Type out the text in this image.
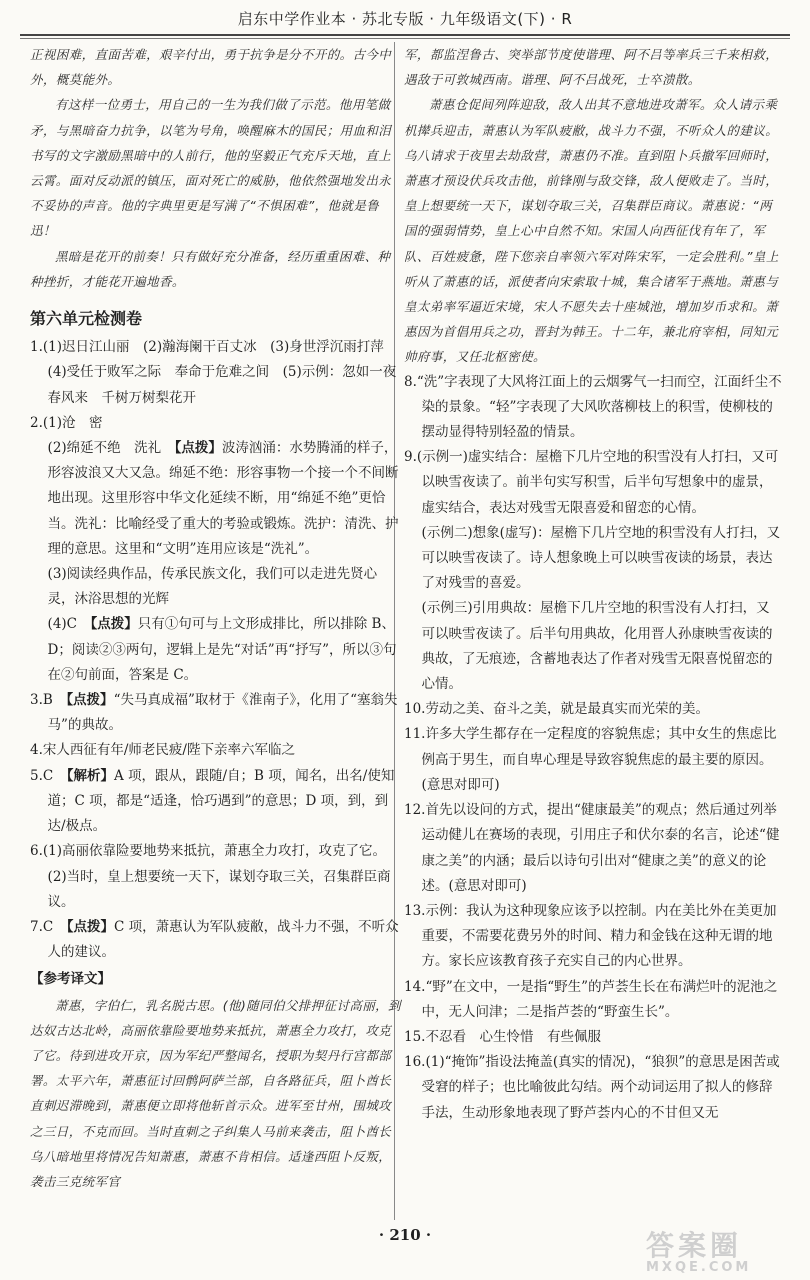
启东中学作业本 · 苏北专版 · 九年级语文(下) · R

正视困难，直面苦难，艰辛付出，勇于抗争是分不开的。古今中外，概莫能外。

有这样一位勇士，用自己的一生为我们做了示范。他用笔做矛，与黑暗奋力抗争，以笔为号角，唤醒麻木的国民；用血和泪书写的文字激励黑暗中的人前行，他的坚毅正气充斥天地，直上云霄。面对反动派的镇压，面对死亡的威胁，他依然强地发出永不妥协的声音。他的字典里更是写满了“不惧困难”，他就是鲁迅！

黑暗是花开的前奏！只有做好充分准备，经历重重困难、种种挫折，才能花开遍地香。

第六单元检测卷

1.(1)迟日江山丽　(2)瀚海阑干百丈冰　(3)身世浮沉雨打萍　(4)受任于败军之际　奉命于危难之间　(5)示例：忽如一夜春风来　千树万树梨花开

2.(1)沧　密

(2)绵延不绝　洗礼　【点拨】波涛汹涌：水势腾涌的样子，形容波浪又大又急。绵延不绝：形容事物一个接一个不间断地出现。这里形容中华文化延续不断，用“绵延不绝”更恰当。洗礼：比喻经受了重大的考验或锻炼。洗护：清洗、护理的意思。这里和“文明”连用应该是“洗礼”。

(3)阅读经典作品，传承民族文化，我们可以走进先贤心灵，沐浴思想的光辉

(4)C　【点拨】只有①句可与上文形成排比，所以排除 B、D；阅读②③两句，逻辑上是先“对话”再“抒写”，所以③句在②句前面，答案是 C。

3.B　【点拨】“失马真成福”取材于《淮南子》，化用了“塞翁失马”的典故。

4.宋人西征有年/师老民疲/陛下亲率六军临之

5.C　【解析】A 项，跟从，跟随/自；B 项，闻名，出名/使知道；C 项，都是“适逢，恰巧遇到”的意思；D 项，到，到达/极点。

6.(1)高丽依靠险要地势来抵抗，萧惠全力攻打，攻克了它。

(2)当时，皇上想要统一天下，谋划夺取三关，召集群臣商议。

7.C　【点拨】C 项，萧惠认为军队疲敝，战斗力不强，不听众人的建议。

【参考译文】

萧惠，字伯仁，乳名脱古思。(他)随同伯父排押征讨高丽，到达奴古达北岭，高丽依靠险要地势来抵抗，萧惠全力攻打，攻克了它。待到进攻开京，因为军纪严整闻名，授职为契丹行宫都部署。太平六年，萧惠征讨回鹘阿萨兰部，自各路征兵，阻卜酋长直刺迟滞晚到，萧惠便立即将他斩首示众。进军至甘州，围城攻之三日，不克而回。当时直刺之子纠集人马前来袭击，阻卜酋长乌八暗地里将情况告知萧惠，萧惠不肯相信。适逢西阻卜反叛，袭击三克统军官

军，都监涅鲁古、突举部节度使谐理、阿不吕等率兵三千来相救，遇敌于可敦城西南。谐理、阿不吕战死，士卒溃散。

萧惠仓促间列阵迎敌，敌人出其不意地进攻萧军。众人请示乘机撵兵迎击，萧惠认为军队疲敝，战斗力不强，不听众人的建议。乌八请求于夜里去劫敌营，萧惠仍不准。直到阻卜兵撤军回师时，萧惠才预设伏兵攻击他，前锋刚与敌交锋，敌人便败走了。当时，皇上想要统一天下，谋划夺取三关，召集群臣商议。萧惠说：“两国的强弱情势，皇上心中自然不知。宋国人向西征伐有年了，军队、百姓疲惫，陛下您亲自率领六军对阵宋军，一定会胜利。”皇上听从了萧惠的话，派使者向宋索取十城，集合诸军于燕地。萧惠与皇太弟率军逼近宋境，宋人不愿失去十座城池，增加岁币求和。萧惠因为首倡用兵之功，晋封为韩王。十二年，兼北府宰相，同知元帅府事，又任北枢密使。

8.“洗”字表现了大风将江面上的云烟雾气一扫而空，江面纤尘不染的景象。“轻”字表现了大风吹落柳枝上的积雪，使柳枝的摆动显得特别轻盈的情景。

9.(示例一)虚实结合：屋檐下几片空地的积雪没有人打扫，又可以映雪夜读了。前半句实写积雪，后半句写想象中的虚景，虚实结合，表达对残雪无限喜爱和留恋的心情。

(示例二)想象(虚写)：屋檐下几片空地的积雪没有人打扫，又可以映雪夜读了。诗人想象晚上可以映雪夜读的场景，表达了对残雪的喜爱。

(示例三)引用典故：屋檐下几片空地的积雪没有人打扫，又可以映雪夜读了。后半句用典故，化用晋人孙康映雪夜读的典故，了无痕迹，含蓄地表达了作者对残雪无限喜悦留恋的心情。

10.劳动之美、奋斗之美，就是最真实而光荣的美。

11.许多大学生都存在一定程度的容貌焦虑；其中女生的焦虑比例高于男生，而自卑心理是导致容貌焦虑的最主要的原因。(意思对即可)

12.首先以设问的方式，提出“健康最美”的观点；然后通过列举运动健儿在赛场的表现，引用庄子和伏尔泰的名言，论述“健康之美”的内涵；最后以诗句引出对“健康之美”的意义的论述。(意思对即可)

13.示例：我认为这种现象应该予以控制。内在美比外在美更加重要，不需要花费另外的时间、精力和金钱在这种无谓的地方。家长应该教育孩子充实自己的内心世界。

14.“野”在文中，一是指“野生”的芦荟生长在布满烂叶的泥池之中，无人问津；二是指芦荟的“野蛮生长”。

15.不忍看　心生怜惜　有些佩服

16.(1)“掩饰”指设法掩盖(真实的情况)，“狼狈”的意思是困苦或受窘的样子；也比喻彼此勾结。两个动词运用了拟人的修辞手法，生动形象地表现了野芦荟内心的不甘但又无

· 210 ·	答案圈
MXQE.COM
